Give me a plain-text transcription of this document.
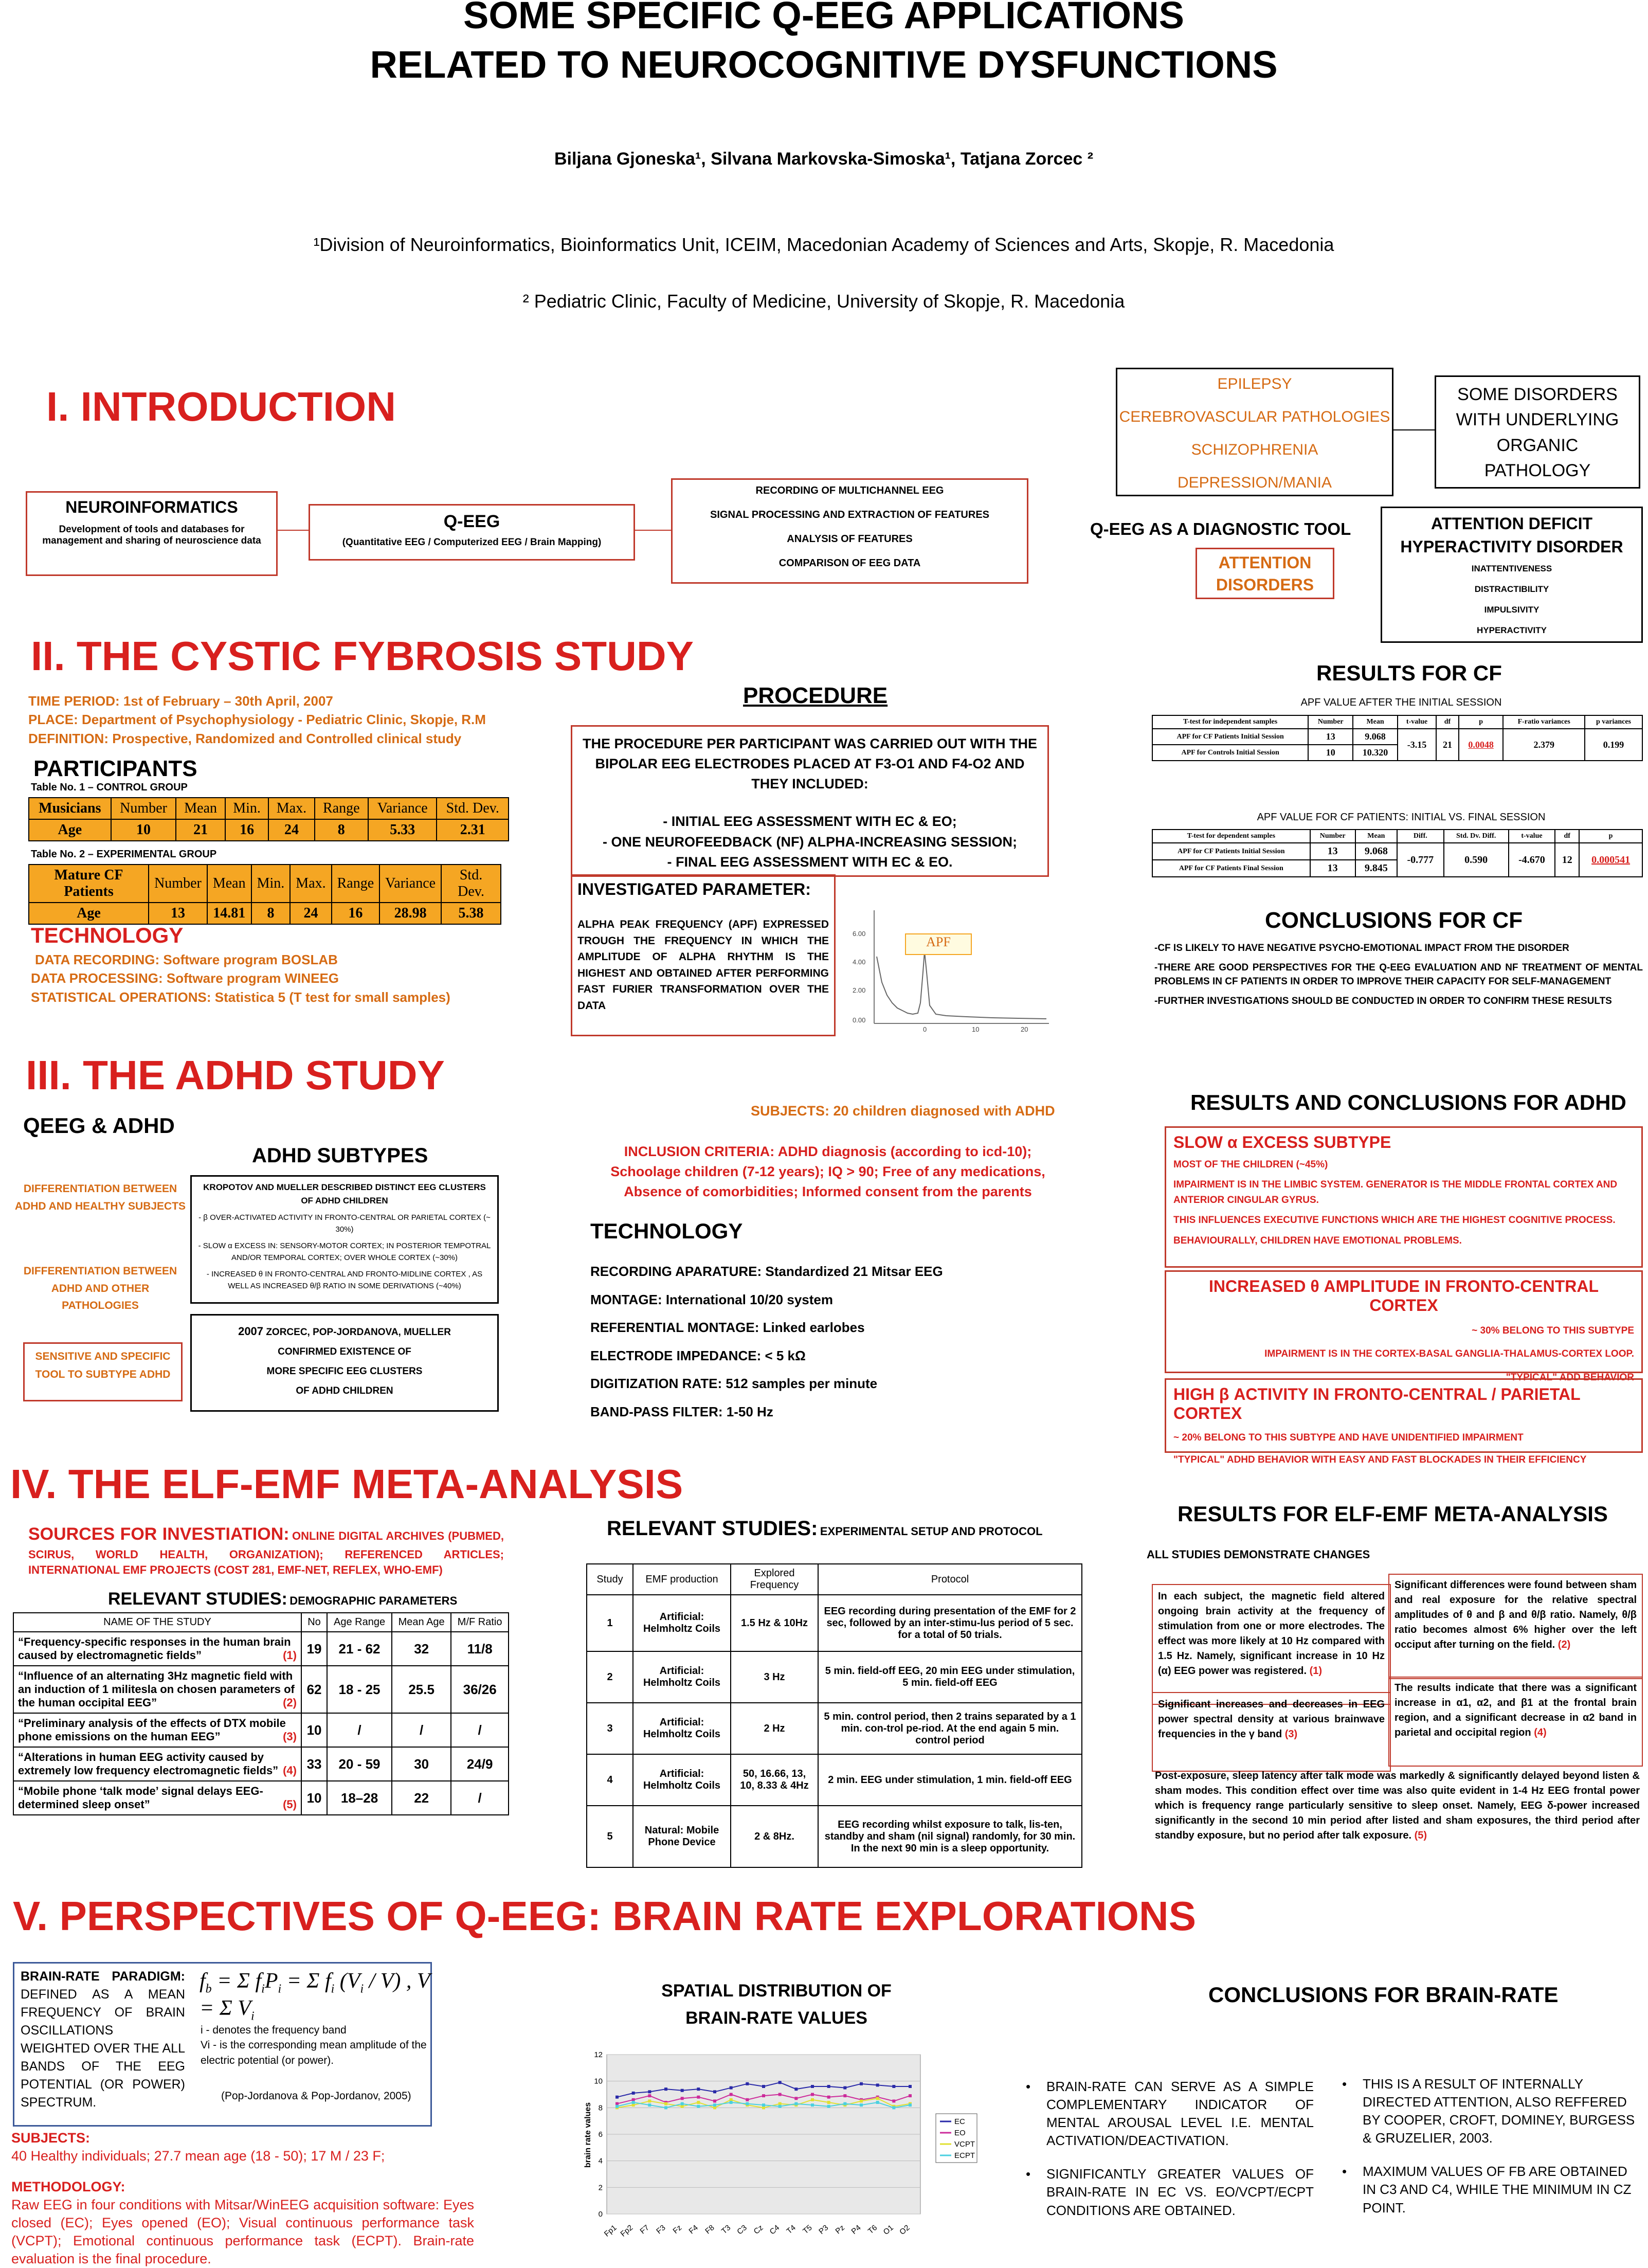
SOME SPECIFIC Q-EEG APPLICATIONS
RELATED TO NEUROCOGNITIVE DYSFUNCTIONS
Biljana Gjoneska¹, Silvana Markovska-Simoska¹, Tatjana Zorcec ²
¹Division of Neuroinformatics, Bioinformatics Unit, ICEIM, Macedonian Academy of Sciences and Arts, Skopje, R. Macedonia
² Pediatric Clinic, Faculty of Medicine, University of Skopje, R. Macedonia
I. INTRODUCTION
NEUROINFORMATICS
Development of tools and databases for management and sharing of neuroscience data
Q-EEG
(Quantitative EEG / Computerized EEG / Brain Mapping)
RECORDING OF MULTICHANNEL EEG
SIGNAL PROCESSING AND EXTRACTION OF FEATURES
ANALYSIS OF FEATURES
COMPARISON OF EEG DATA
EPILEPSY
CEREBROVASCULAR PATHOLOGIES
SCHIZOPHRENIA
DEPRESSION/MANIA
SOME DISORDERS WITH UNDERLYING ORGANIC PATHOLOGY
Q-EEG AS A DIAGNOSTIC TOOL
ATTENTION DISORDERS
ATTENTION DEFICIT HYPERACTIVITY DISORDER
INATTENTIVENESS
DISTRACTIBILITY
IMPULSIVITY
HYPERACTIVITY
II. THE CYSTIC FYBROSIS STUDY
TIME PERIOD: 1st of February – 30th April, 2007
PLACE: Department of Psychophysiology - Pediatric Clinic, Skopje, R.M
DEFINITION: Prospective, Randomized and Controlled clinical study
PARTICIPANTS
Table No. 1 – CONTROL GROUP
Musicians	Number	Mean	Min.	Max.	Range	Variance	Std. Dev.
Age	10	21	16	24	8	5.33	2.31
Table No. 2 – EXPERIMENTAL GROUP
Mature CF Patients	Number	Mean	Min.	Max.	Range	Variance	Std. Dev.
Age	13	14.81	8	24	16	28.98	5.38
TECHNOLOGY
DATA RECORDING: Software program BOSLAB
DATA PROCESSING: Software program WINEEG
STATISTICAL OPERATIONS: Statistica 5 (T test for small samples)
PROCEDURE
THE PROCEDURE PER PARTICIPANT WAS CARRIED OUT WITH THE BIPOLAR EEG ELECTRODES PLACED AT F3-O1 AND F4-O2 AND THEY INCLUDED:
- INITIAL EEG ASSESSMENT WITH EC & EO;
- ONE NEUROFEEDBACK (NF) ALPHA-INCREASING SESSION;
- FINAL EEG ASSESSMENT WITH EC & EO.
INVESTIGATED PARAMETER:
ALPHA PEAK FREQUENCY (APF) EXPRESSED TROUGH THE FREQUENCY IN WHICH THE AMPLITUDE OF ALPHA RHYTHM IS THE HIGHEST AND OBTAINED AFTER PERFORMING FAST FURIER TRANSFORMATION OVER THE DATA
6.00
4.00
2.00
0.00
0	10	20
APF
RESULTS FOR CF
APF VALUE AFTER THE INITIAL SESSION
T-test for independent samples	Number	Mean	t-value	df	p	F-ratio variances	p variances
APF for CF Patients Initial Session	13	9.068	-3.15	21	0.0048	2.379	0.199
APF for Controls Initial Session	10	10.320					
APF VALUE FOR CF PATIENTS: INITIAL VS. FINAL SESSION
T-test for dependent samples	Number	Mean	Diff.	Std. Dv. Diff.	t-value	df	p
APF for CF Patients Initial Session	13	9.068	-0.777	0.590	-4.670	12	0.000541
APF for CF Patients Final Session	13	9.845					
CONCLUSIONS FOR CF
-CF IS LIKELY TO HAVE NEGATIVE PSYCHO-EMOTIONAL IMPACT FROM THE DISORDER
-THERE ARE GOOD PERSPECTIVES FOR THE Q-EEG EVALUATION AND NF TREATMENT OF MENTAL PROBLEMS IN CF PATIENTS IN ORDER TO IMPROVE THEIR CAPACITY FOR SELF-MANAGEMENT
-FURTHER INVESTIGATIONS SHOULD BE CONDUCTED IN ORDER TO CONFIRM THESE RESULTS
III. THE ADHD STUDY
QEEG & ADHD
DIFFERENTIATION BETWEEN ADHD AND HEALTHY SUBJECTS
DIFFERENTIATION BETWEEN ADHD AND OTHER PATHOLOGIES
SENSITIVE AND SPECIFIC TOOL TO SUBTYPE ADHD
ADHD SUBTYPES
KROPOTOV AND MUELLER DESCRIBED DISTINCT EEG CLUSTERS OF ADHD CHILDREN
- β OVER-ACTIVATED ACTIVITY IN FRONTO-CENTRAL OR PARIETAL CORTEX (~ 30%)
- SLOW α EXCESS IN: SENSORY-MOTOR CORTEX; IN POSTERIOR TEMPOTRAL AND/OR TEMPORAL CORTEX; OVER WHOLE CORTEX (~30%)
- INCREASED θ IN FRONTO-CENTRAL AND FRONTO-MIDLINE CORTEX , AS WELL AS INCREASED θ/β RATIO IN SOME DERIVATIONS (~40%)
2007 ZORCEC, POP-JORDANOVA, MUELLER
CONFIRMED EXISTENCE OF
MORE SPECIFIC EEG CLUSTERS
OF ADHD CHILDREN
SUBJECTS: 20 children diagnosed with ADHD
INCLUSION CRITERIA: ADHD diagnosis (according to icd-10); Schoolage children (7-12 years); IQ > 90; Free of any medications, Absence of comorbidities; Informed consent from the parents
TECHNOLOGY
RECORDING APARATURE: Standardized 21 Mitsar EEG
MONTAGE: International 10/20 system
REFERENTIAL MONTAGE: Linked earlobes
ELECTRODE IMPEDANCE: < 5 kΩ
DIGITIZATION RATE: 512 samples per minute
BAND-PASS FILTER: 1-50 Hz
RESULTS AND CONCLUSIONS FOR ADHD
SLOW α EXCESS SUBTYPE
MOST OF THE CHILDREN (~45%)
IMPAIRMENT IS IN THE LIMBIC SYSTEM. GENERATOR IS THE MIDDLE FRONTAL CORTEX AND ANTERIOR CINGULAR GYRUS.
THIS INFLUENCES EXECUTIVE FUNCTIONS WHICH ARE THE HIGHEST COGNITIVE PROCESS.
BEHAVIOURALLY, CHILDREN HAVE EMOTIONAL PROBLEMS.
INCREASED θ AMPLITUDE IN FRONTO-CENTRAL CORTEX
~ 30% BELONG TO THIS SUBTYPE
IMPAIRMENT IS IN THE CORTEX-BASAL GANGLIA-THALAMUS-CORTEX LOOP.
"TYPICAL" ADD BEHAVIOR
HIGH β ACTIVITY IN FRONTO-CENTRAL / PARIETAL CORTEX
~ 20% BELONG TO THIS SUBTYPE AND HAVE UNIDENTIFIED IMPAIRMENT
"TYPICAL" ADHD BEHAVIOR WITH EASY AND FAST BLOCKADES IN THEIR EFFICIENCY
IV. THE ELF-EMF META-ANALYSIS
SOURCES FOR INVESTIATION: ONLINE DIGITAL ARCHIVES (PUBMED, SCIRUS, WORLD HEALTH, ORGANIZATION); REFERENCED ARTICLES; INTERNATIONAL EMF PROJECTS (COST 281, EMF-NET, REFLEX, WHO-EMF)
RELEVANT STUDIES: DEMOGRAPHIC PARAMETERS
NAME OF THE STUDY	No	Age Range	Mean Age	M/F Ratio
“Frequency-specific responses in the human brain caused by electromagnetic fields” (1)	19	21 - 62	32	11/8
“Influence of an alternating 3Hz magnetic field with an induction of 1 militesla on chosen parameters of the human occipital EEG” (2)	62	18 - 25	25.5	36/26
“Preliminary analysis of the effects of DTX mobile phone emissions on the human EEG” (3)	10	/	/	/
“Alterations in human EEG activity caused by extremely low frequency electromagnetic fields” (4)	33	20 - 59	30	24/9
“Mobile phone ‘talk mode’ signal delays EEG-determined sleep onset” (5)	10	18–28	22	/
RELEVANT STUDIES: EXPERIMENTAL SETUP AND PROTOCOL
Study	EMF production	Explored Frequency	Protocol
1	Artificial: Helmholtz Coils	1.5 Hz & 10Hz	EEG recording during presentation of the EMF for 2 sec, followed by an inter-stimu-lus period of 5 sec. for a total of 50 trials.
2	Artificial: Helmholtz Coils	3 Hz	5 min. field-off EEG, 20 min EEG under stimulation, 5 min. field-off EEG
3	Artificial: Helmholtz Coils	2 Hz	5 min. control period, then 2 trains separated by a 1 min. con-trol pe-riod. At the end again 5 min. control period
4	Artificial: Helmholtz Coils	50, 16.66, 13, 10, 8.33 & 4Hz	2 min. EEG under stimulation, 1 min. field-off EEG
5	Natural: Mobile Phone Device	2 & 8Hz.	EEG recording whilst exposure to talk, lis-ten, standby and sham (nil signal) randomly, for 30 min. In the next 90 min is a sleep opportunity.
RESULTS FOR ELF-EMF META-ANALYSIS
ALL STUDIES DEMONSTRATE CHANGES
In each subject, the magnetic field altered ongoing brain activity at the frequency of stimulation from one or more electrodes. The effect was more likely at 10 Hz compared with 1.5 Hz. Namely, significant increase in 10 Hz (α) EEG power was registered. (1)
Significant differences were found between sham and real exposure for the relative spectral amplitudes of θ and β and θ/β ratio. Namely, θ/β ratio becomes almost 6% higher over the left occiput after turning on the field. (2)
Significant increases and decreases in EEG power spectral density at various brainwave frequencies in the γ band (3)
The results indicate that there was a significant increase in α1, α2, and β1 at the frontal brain region, and a significant decrease in α2 band in parietal and occipital region (4)
Post-exposure, sleep latency after talk mode was markedly & significantly delayed beyond listen & sham modes. This condition effect over time was also quite evident in 1-4 Hz EEG frontal power which is frequency range particularly sensitive to sleep onset. Namely, EEG δ-power increased significantly in the second 10 min period after listed and sham exposures, the third period after standby exposure, but no period after talk exposure. (5)
V. PERSPECTIVES OF Q-EEG: BRAIN RATE EXPLORATIONS
BRAIN-RATE PARADIGM: DEFINED AS A MEAN FREQUENCY OF BRAIN OSCILLATIONS WEIGHTED OVER THE ALL BANDS OF THE EEG POTENTIAL (OR POWER) SPECTRUM.
$f_b = \Sigma$ $f_iP_i = \Sigma$ $f_i$ $(V_i / V)$ , V = Σ $V_i$
i - denotes the frequency band
Vi - is the corresponding mean amplitude of the electric potential (or power).
(Pop-Jordanova & Pop-Jordanov, 2005)
SUBJECTS:
40 Healthy individuals; 27.7 mean age (18 - 50); 17 M / 23 F;
METHODOLOGY:
Raw EEG in four conditions with Mitsar/WinEEG acquisition software: Eyes closed (EC); Eyes opened (EO); Visual continuous performance task (VCPT); Emotional continuous performance task (ECPT). Brain-rate evaluation is the final procedure.
SPATIAL DISTRIBUTION OF
BRAIN-RATE VALUES
brain rate values
0
2
4
6
8
10
12
Fp1 Fp2 F7 F3 Fz F4 F8 T3 C3 Cz C4 T4 T5 P3 Pz P4 T6 O1 O2
EC
EO
VCPT
ECPT
CONCLUSIONS FOR BRAIN-RATE
•	BRAIN-RATE CAN SERVE AS A SIMPLE COMPLEMENTARY INDICATOR OF MENTAL AROUSAL LEVEL I.E. MENTAL ACTIVATION/DEACTIVATION.
•	SIGNIFICANTLY GREATER VALUES OF BRAIN-RATE IN EC VS. EO/VCPT/ECPT CONDITIONS ARE OBTAINED.
•	THIS IS A RESULT OF INTERNALLY DIRECTED ATTENTION, ALSO REFFERED BY COOPER, CROFT, DOMINEY, BURGESS & GRUZELIER, 2003.
•	MAXIMUM VALUES OF FB ARE OBTAINED IN C3 AND C4, WHILE THE MINIMUM IN CZ POINT.
